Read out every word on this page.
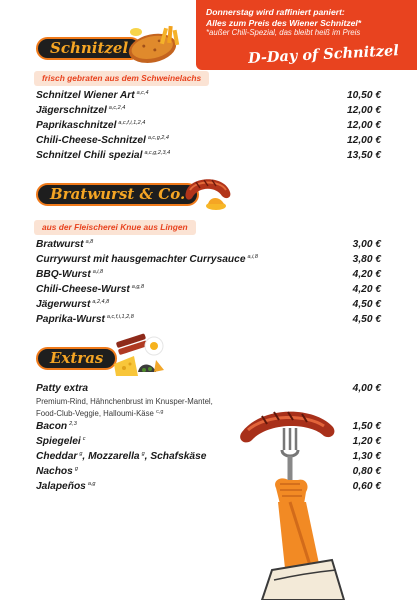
Donnerstag wird raffiniert paniert:
Alles zum Preis des Wiener Schnitzel*
*außer Chili-Spezial, das bleibt heiß im Preis
D-Day of Schnitzel
Schnitzel
frisch gebraten aus dem Schweinelachs
Schnitzel Wiener Art $^{a,c,4}$	10,50 €
Jägerschnitzel $^{a,c,2,4}$	12,00 €
Paprikaschnitzel $^{a,c,f,i,1,2,4}$	12,00 €
Chili-Cheese-Schnitzel $^{a,c,g,2,4}$	12,00 €
Schnitzel Chili spezial $^{a,c,g,2,3,4}$	13,50 €
Bratwurst & Co.
aus der Fleischerei Knue aus Lingen
Bratwurst $^{a,8}$	3,00 €
Currywurst mit hausgemachter Currysauce $^{a,i,8}$	3,80 €
BBQ-Wurst $^{a,i,8}$	4,20 €
Chili-Cheese-Wurst $^{a,g,8}$	4,20 €
Jägerwurst $^{a,2,4,8}$	4,50 €
Paprika-Wurst $^{a,c,f,i,1,2,8}$	4,50 €
Extras
Patty extra	4,00 €
Premium-Rind, Hähnchenbrust im Knusper-Mantel,
Food-Club-Veggie, Halloumi-Käse $^{c,g}$
Bacon $^{2,3}$	1,50 €
Spiegelei $^c$	1,20 €
Cheddar $^g$, Mozzarella $^g$, Schafskäse	1,30 €
Nachos $^g$	0,80 €
Jalapeños $^{a,g}$	0,60 €
